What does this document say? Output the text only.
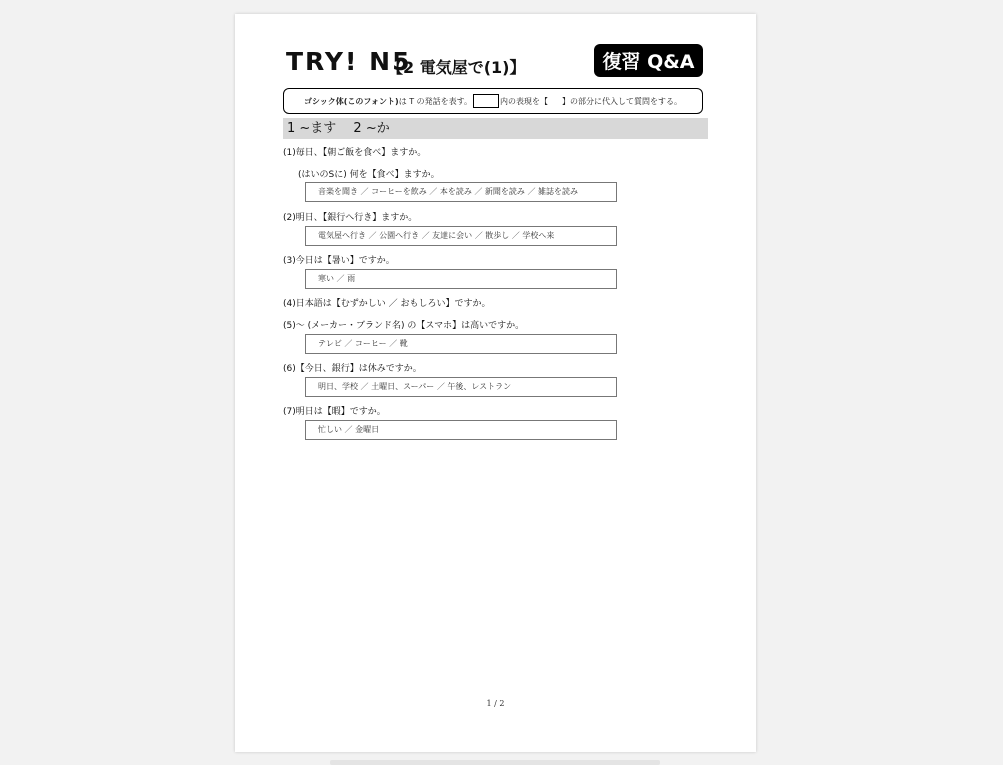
TRY! N5
【2 電気屋で(1)】	復習 Q&A
ゴシック体(このフォント) は T の発話を表す。	内の表現を【 】の部分に代入して質問をする。
1 ~ます　 2 ~か
(1)毎日、【朝ご飯を食べ】ますか。
(はいのSに) 何を【食べ】ますか。
音楽を聞き ／ コーヒーを飲み ／ 本を読み ／ 新聞を読み ／ 雑誌を読み
(2)明日、【銀行へ行き】ますか。
電気屋へ行き ／ 公園へ行き ／ 友達に会い ／ 散歩し ／ 学校へ来
(3)今日は【暑い】ですか。
寒い ／ 雨
(4)日本語は【むずかしい ／ おもしろい】ですか。
(5)～ (メーカー・ブランド名) の【スマホ】は高いですか。
テレビ ／ コーヒー ／ 靴
(6)【今日、銀行】は休みですか。
明日、学校 ／ 土曜日、スーパー ／ 午後、レストラン
(7)明日は【暇】ですか。
忙しい ／ 金曜日
1 / 2
